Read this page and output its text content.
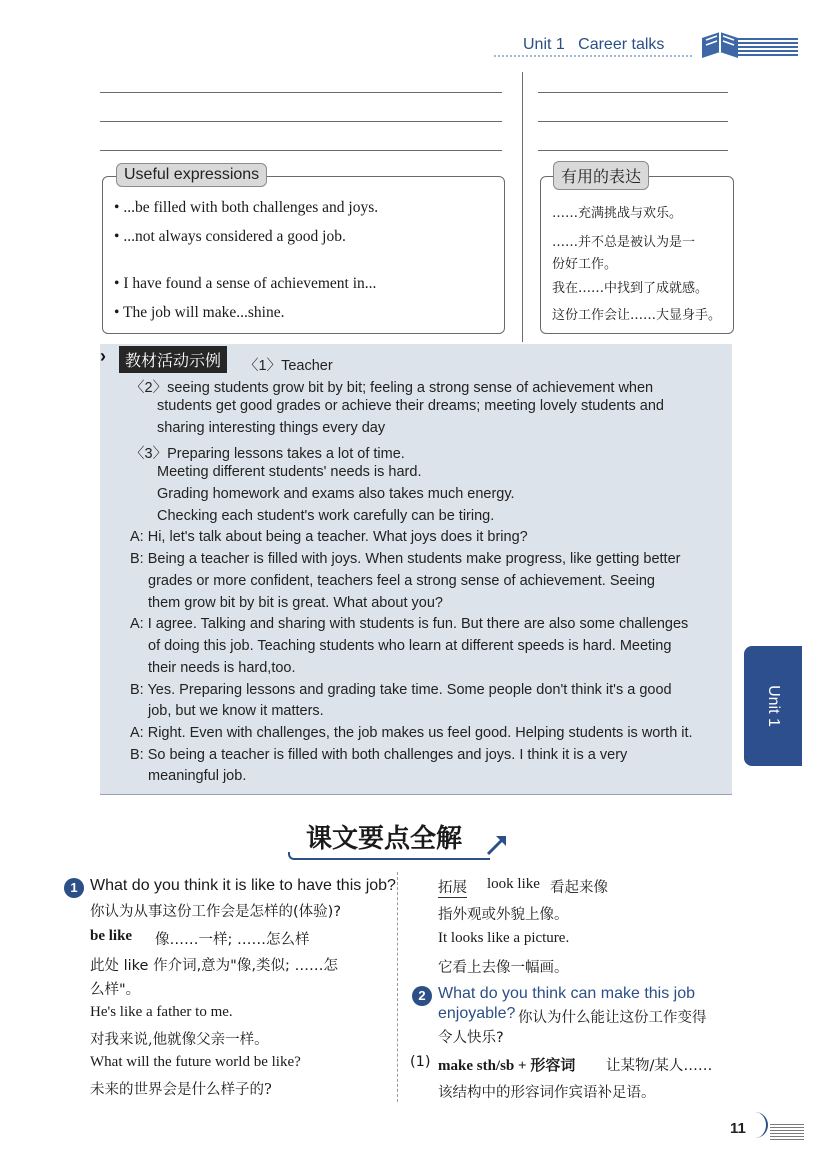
Unit 1 Career talks
Useful expressions
• ...be filled with both challenges and joys.
• ...not always considered a good job.
• I have found a sense of achievement in...
• The job will make...shine.
有用的表达
……充满挑战与欢乐。
……并不总是被认为是一
份好工作。
我在……中找到了成就感。
这份工作会让……大显身手。
›	教材活动示例	〈1〉Teacher
〈2〉seeing students grow bit by bit; feeling a strong sense of achievement when
students get good grades or achieve their dreams; meeting lovely students and
sharing interesting things every day
〈3〉Preparing lessons takes a lot of time.
Meeting different students' needs is hard.
Grading homework and exams also takes much energy.
Checking each student's work carefully can be tiring.
A: Hi, let's talk about being a teacher. What joys does it bring?
B: Being a teacher is filled with joys. When students make progress, like getting better
grades or more confident, teachers feel a strong sense of achievement. Seeing
them grow bit by bit is great. What about you?
A: I agree. Talking and sharing with students is fun. But there are also some challenges
of doing this job. Teaching students who learn at different speeds is hard. Meeting
their needs is hard,too.
B: Yes. Preparing lessons and grading take time. Some people don't think it's a good
job, but we know it matters.
A: Right. Even with challenges, the job makes us feel good. Helping students is worth it.
B: So being a teacher is filled with both challenges and joys. I think it is a very
meaningful job.
Unit 1
课文要点全解
1 What do you think it is like to have this job?
你认为从事这份工作会是怎样的(体验)?
be like 像……一样; ……怎么样
此处 like 作介词,意为"像,类似; ……怎
么样"。
He's like a father to me.
对我来说,他就像父亲一样。
What will the future world be like?
未来的世界会是什么样子的?
拓展 look like 看起来像
指外观或外貌上像。
It looks like a picture.
它看上去像一幅画。
2 What do you think can make this job
enjoyable? 你认为什么能让这份工作变得
令人快乐?
(1) make sth/sb + 形容词 让某物/某人……
该结构中的形容词作宾语补足语。
11
